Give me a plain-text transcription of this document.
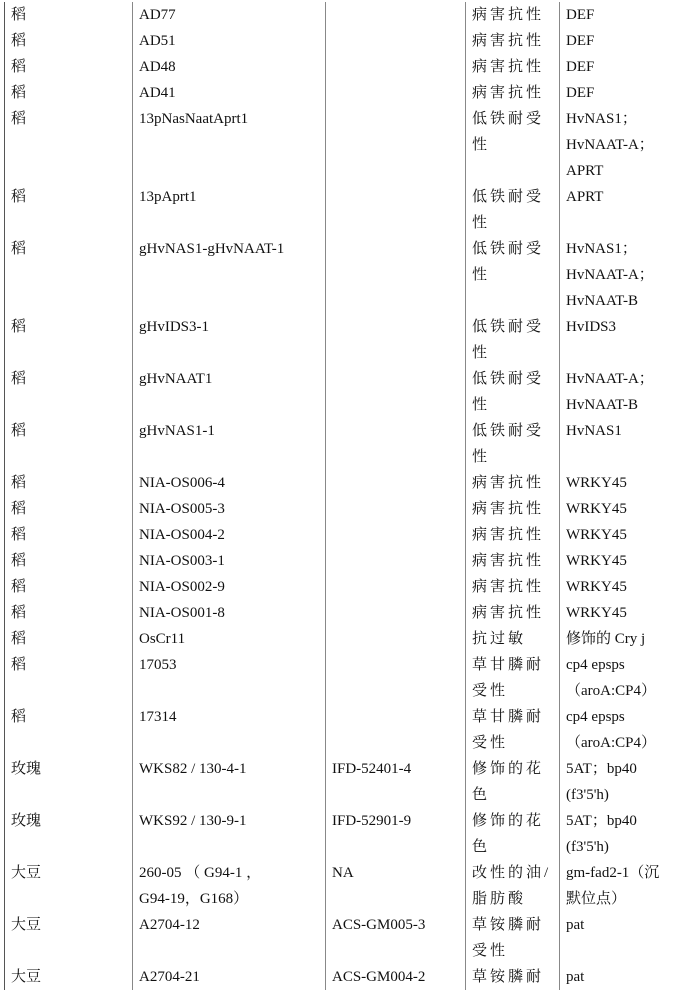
稻	AD77		病害抗性	DEF
稻	AD51		病害抗性	DEF
稻	AD48		病害抗性	DEF
稻	AD41		病害抗性	DEF
稻	13pNasNaatAprt1		低铁耐受
性	HvNAS1；
HvNAAT-A；
APRT
稻	13pAprt1		低铁耐受
性	APRT
稻	gHvNAS1-gHvNAAT-1		低铁耐受
性	HvNAS1；
HvNAAT-A；
HvNAAT-B
稻	gHvIDS3-1		低铁耐受
性	HvIDS3
稻	gHvNAAT1		低铁耐受
性	HvNAAT-A；
HvNAAT-B
稻	gHvNAS1-1		低铁耐受
性	HvNAS1
稻	NIA-OS006-4		病害抗性	WRKY45
稻	NIA-OS005-3		病害抗性	WRKY45
稻	NIA-OS004-2		病害抗性	WRKY45
稻	NIA-OS003-1		病害抗性	WRKY45
稻	NIA-OS002-9		病害抗性	WRKY45
稻	NIA-OS001-8		病害抗性	WRKY45
稻	OsCr11		抗过敏	修饰的 Cry j
稻	17053		草甘膦耐
受性	cp4 epsps
（aroA:CP4）
稻	17314		草甘膦耐
受性	cp4 epsps
（aroA:CP4）
玫瑰	WKS82 / 130-4-1	IFD-52401-4	修饰的花
色	5AT；bp40
(f3'5'h)
玫瑰	WKS92 / 130-9-1	IFD-52901-9	修饰的花
色	5AT；bp40
(f3'5'h)
大豆	260-05 （ G94-1 ，
G94-19，G168）	NA	改性的油/
脂肪酸	gm-fad2-1（沉
默位点）
大豆	A2704-12	ACS-GM005-3	草铵膦耐
受性	pat
大豆	A2704-21	ACS-GM004-2	草铵膦耐	pat
